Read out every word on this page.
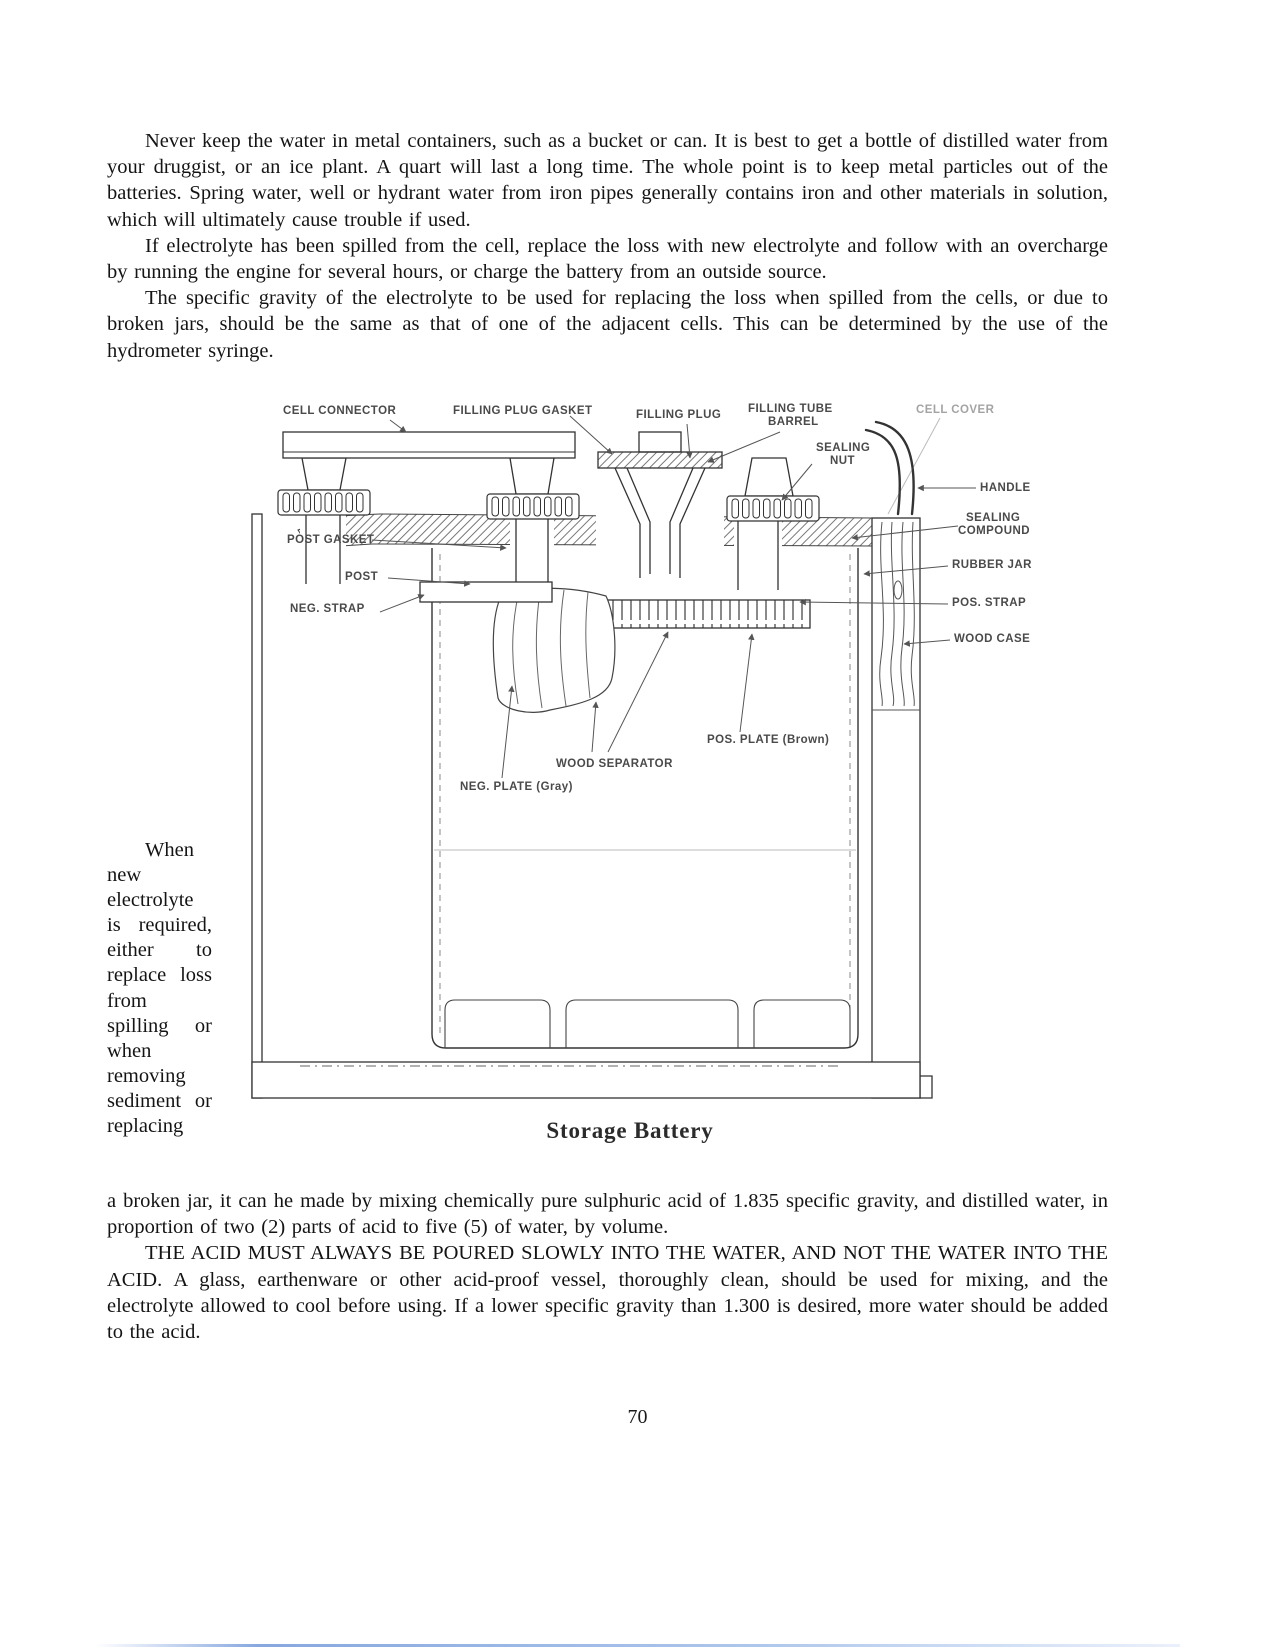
Never keep the water in metal containers, such as a bucket or can. It is best to get a bottle of distilled water from your druggist, or an ice plant. A quart will last a long time. The whole point is to keep metal particles out of the batteries. Spring water, well or hydrant water from iron pipes generally contains iron and other materials in solution, which will ultimately cause trouble if used.

If electrolyte has been spilled from the cell, replace the loss with new electrolyte and follow with an overcharge by running the engine for several hours, or charge the battery from an outside source.

The specific gravity of the electrolyte to be used for replacing the loss when spilled from the cells, or due to broken jars, should be the same as that of one of the adjacent cells. This can be determined by the use of the hydrometer syringe.

CELL CONNECTOR	FILLING PLUG GASKET	FILLING PLUG FILLING TUBE
BARREL
CELL COVER
SEALING
NUT
HANDLE
SEALING
COMPOUND
POST GASKET
RUBBER JAR
POST
POS. STRAP
NEG. STRAP
WOOD CASE
POS. PLATE (Brown)
WOOD SEPARATOR
NEG. PLATE (Gray)
Storage Battery

When new electrolyte is required, either to replace loss from spilling or when removing sediment or replacing

a broken jar, it can he made by mixing chemically pure sulphuric acid of 1.835 specific gravity, and distilled water, in proportion of two (2) parts of acid to five (5) of water, by volume.

THE ACID MUST ALWAYS BE POURED SLOWLY INTO THE WATER, AND NOT THE WATER INTO THE ACID. A glass, earthenware or other acid-proof vessel, thoroughly clean, should be used for mixing, and the electrolyte allowed to cool before using. If a lower specific gravity than 1.300 is desired, more water should be added to the acid.

70
